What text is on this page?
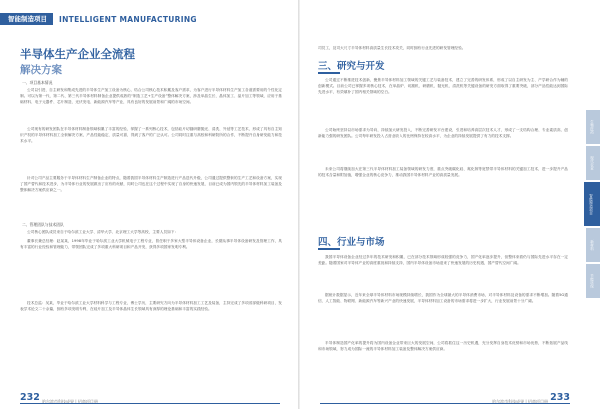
智能制造项目	INTELLIGENT MANUFACTURING
半导体生产企业全流程
解决方案
一、项目基本情况
公司以引进、自主研发和集成先进的半导体生产加工设备为核心，结合公司核心技术积累及客户需求，为客户进行半导体材料生产加工各道需要用的个性化定制。可以为第一代、第二代、第三代半导体材料制备企业提供成熟的“制造工艺+生产设备”整体解决方案，涉及单晶生长、晶体加工、晶片加工等领域，应用于基础材料、电子元器件、芯片制造、光伏发电、新能源汽车等产业，具有良好的发展前景和广阔的市场空间。
公司现有的研发团队在半导体材料制备领域积累了丰富的经验，掌握了一系列核心技术，包括硅片切割研磨抛光、清洗、外延等工艺技术，形成了具有自主知识产权的半导体材料加工全套解决方案，产品性能稳定、质量可靠，得到了客户的广泛认可。公司同时注重与高校和科研院所的合作，不断提升自身研发能力和技术水平。
针对公司产品主要服务于半导体材料生产制备企业的特点，随着我国半导体材料生产制造进行产品迭代升级，公司通过提供整套的生产工艺和设备方案，实现了国产替代和技术进步，为半导体行业的发展做出了应有的贡献，同时公司也在这个过程中实现了自身的快速发展，目前已成为国内领先的半导体材料加工装备及整体解决方案供应商之一。
二、管理团队与技术团队
公司核心团队成员来自于哈尔滨工业大学、清华大学、北京理工大学等高校，主要人员如下：
董事长兼总经理：赵某某，1998年毕业于哈尔滨工业大学机械电子工程专业，曾任职于多家大型半导体设备企业，长期从事半导体设备研发及管理工作，具有丰富的行业经验和管理能力，带领团队完成了多项重大科研项目和产品开发，获得多项国家发明专利。
技术总监：吴某，毕业于哈尔滨工业大学材料科学与工程专业，博士学历，主要研究方向为半导体材料加工工艺及装备，主持完成了多项省部级科研项目，发表学术论文二十余篇，拥有多项发明专利，在硅片加工及半导体晶体生长领域具有深厚的理论基础和丰富的实践经验。
232 哈尔滨市科技成果 | 招商项目册
司员工，及司大尺寸半导体材料高质量生长技术攻关，同时拥有行业先进的研发管理经验。
三、研究与开发
公司通过不断推进技术创新，聚焦半导体材料加工领域的关键工艺与装备技术，建立了完善的研发体系，形成了以自主研发为主、产学研合作为辅的创新模式。目前公司已掌握多项核心技术，在单晶炉、切割机、研磨机、抛光机、清洗机等关键设备的研发方面取得了重要突破，部分产品性能达到国际先进水平，有效填补了国内相关领域的空白。
公司始终坚持以市场需求为导向，持续加大研发投入，不断完善研发平台建设，引进和培养高层次技术人才，形成了一支结构合理、专业素质高、创新能力强的研发团队。公司每年研发投入占营业收入的比例保持在较高水平，为企业的持续发展提供了有力的技术支撑。
未来公司将继续加大在第三代半导体材料加工装备领域的研发力度，重点突破碳化硅、氮化镓等宽禁带半导体材料的关键加工技术，进一步提升产品的技术含量和附加值，增强企业的核心竞争力，推动我国半导体材料产业的高质量发展。
四、行业与市场
我国半导体设备企业经过多年的技术研发和积累，已在部分技术领域形成较强的竞争力，国产化率逐步提升，但整体来看仍与国际先进水平存在一定差距。随着国家对半导体产业的高度重视和持续支持，国内半导体设备市场迎来了快速发展的历史机遇，国产替代空间广阔。
据统计数据显示，近年来全球半导体材料市场规模持续增长，我国作为全球最大的半导体消费市场，对半导体材料及设备的需求不断增加。随着5G通信、人工智能、物联网、新能源汽车等新兴产业的快速发展，半导体材料加工设备的市场需求将进一步扩大，行业发展前景十分广阔。
半导体制造国产化率的提升将为国内设备企业带来巨大的发展空间，公司将抓住这一历史机遇，充分发挥自身技术优势和市场优势，不断拓展产品线和市场领域，努力成为国际一流的半导体材料加工装备及整体解决方案供应商。
生物医药
现代农业
智能制造项目
新材料
节能环保
哈尔滨市科技成果 | 招商项目册 233
